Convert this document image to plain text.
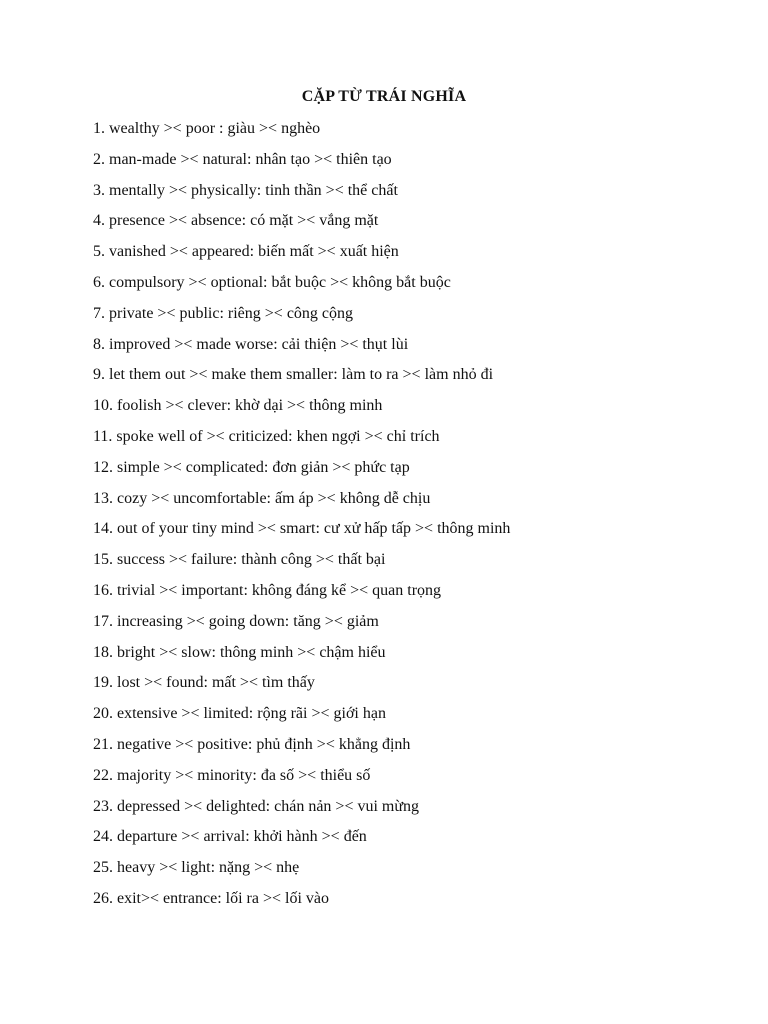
CẶP TỪ TRÁI NGHĨA
1. wealthy >< poor : giàu >< nghèo
2. man-made >< natural: nhân tạo >< thiên tạo
3. mentally >< physically: tinh thần >< thể chất
4. presence >< absence: có mặt >< vắng mặt
5. vanished >< appeared: biến mất >< xuất hiện
6. compulsory >< optional: bắt buộc >< không bắt buộc
7. private >< public: riêng >< công cộng
8. improved >< made worse: cải thiện >< thụt lùi
9. let them out >< make them smaller: làm to ra >< làm nhỏ đi
10. foolish >< clever: khờ dại >< thông minh
11. spoke well of >< criticized: khen ngợi >< chỉ trích
12. simple >< complicated: đơn giản >< phức tạp
13. cozy >< uncomfortable: ấm áp >< không dễ chịu
14. out of your tiny mind >< smart: cư xử hấp tấp >< thông minh
15. success >< failure: thành công >< thất bại
16. trivial >< important: không đáng kể >< quan trọng
17. increasing >< going down: tăng >< giảm
18. bright >< slow: thông minh >< chậm hiểu
19. lost >< found: mất >< tìm thấy
20. extensive >< limited: rộng rãi >< giới hạn
21. negative >< positive: phủ định >< khẳng định
22. majority >< minority: đa số >< thiểu số
23. depressed >< delighted: chán nản >< vui mừng
24. departure >< arrival: khởi hành >< đến
25. heavy >< light: nặng >< nhẹ
26. exit>< entrance: lối ra >< lối vào
